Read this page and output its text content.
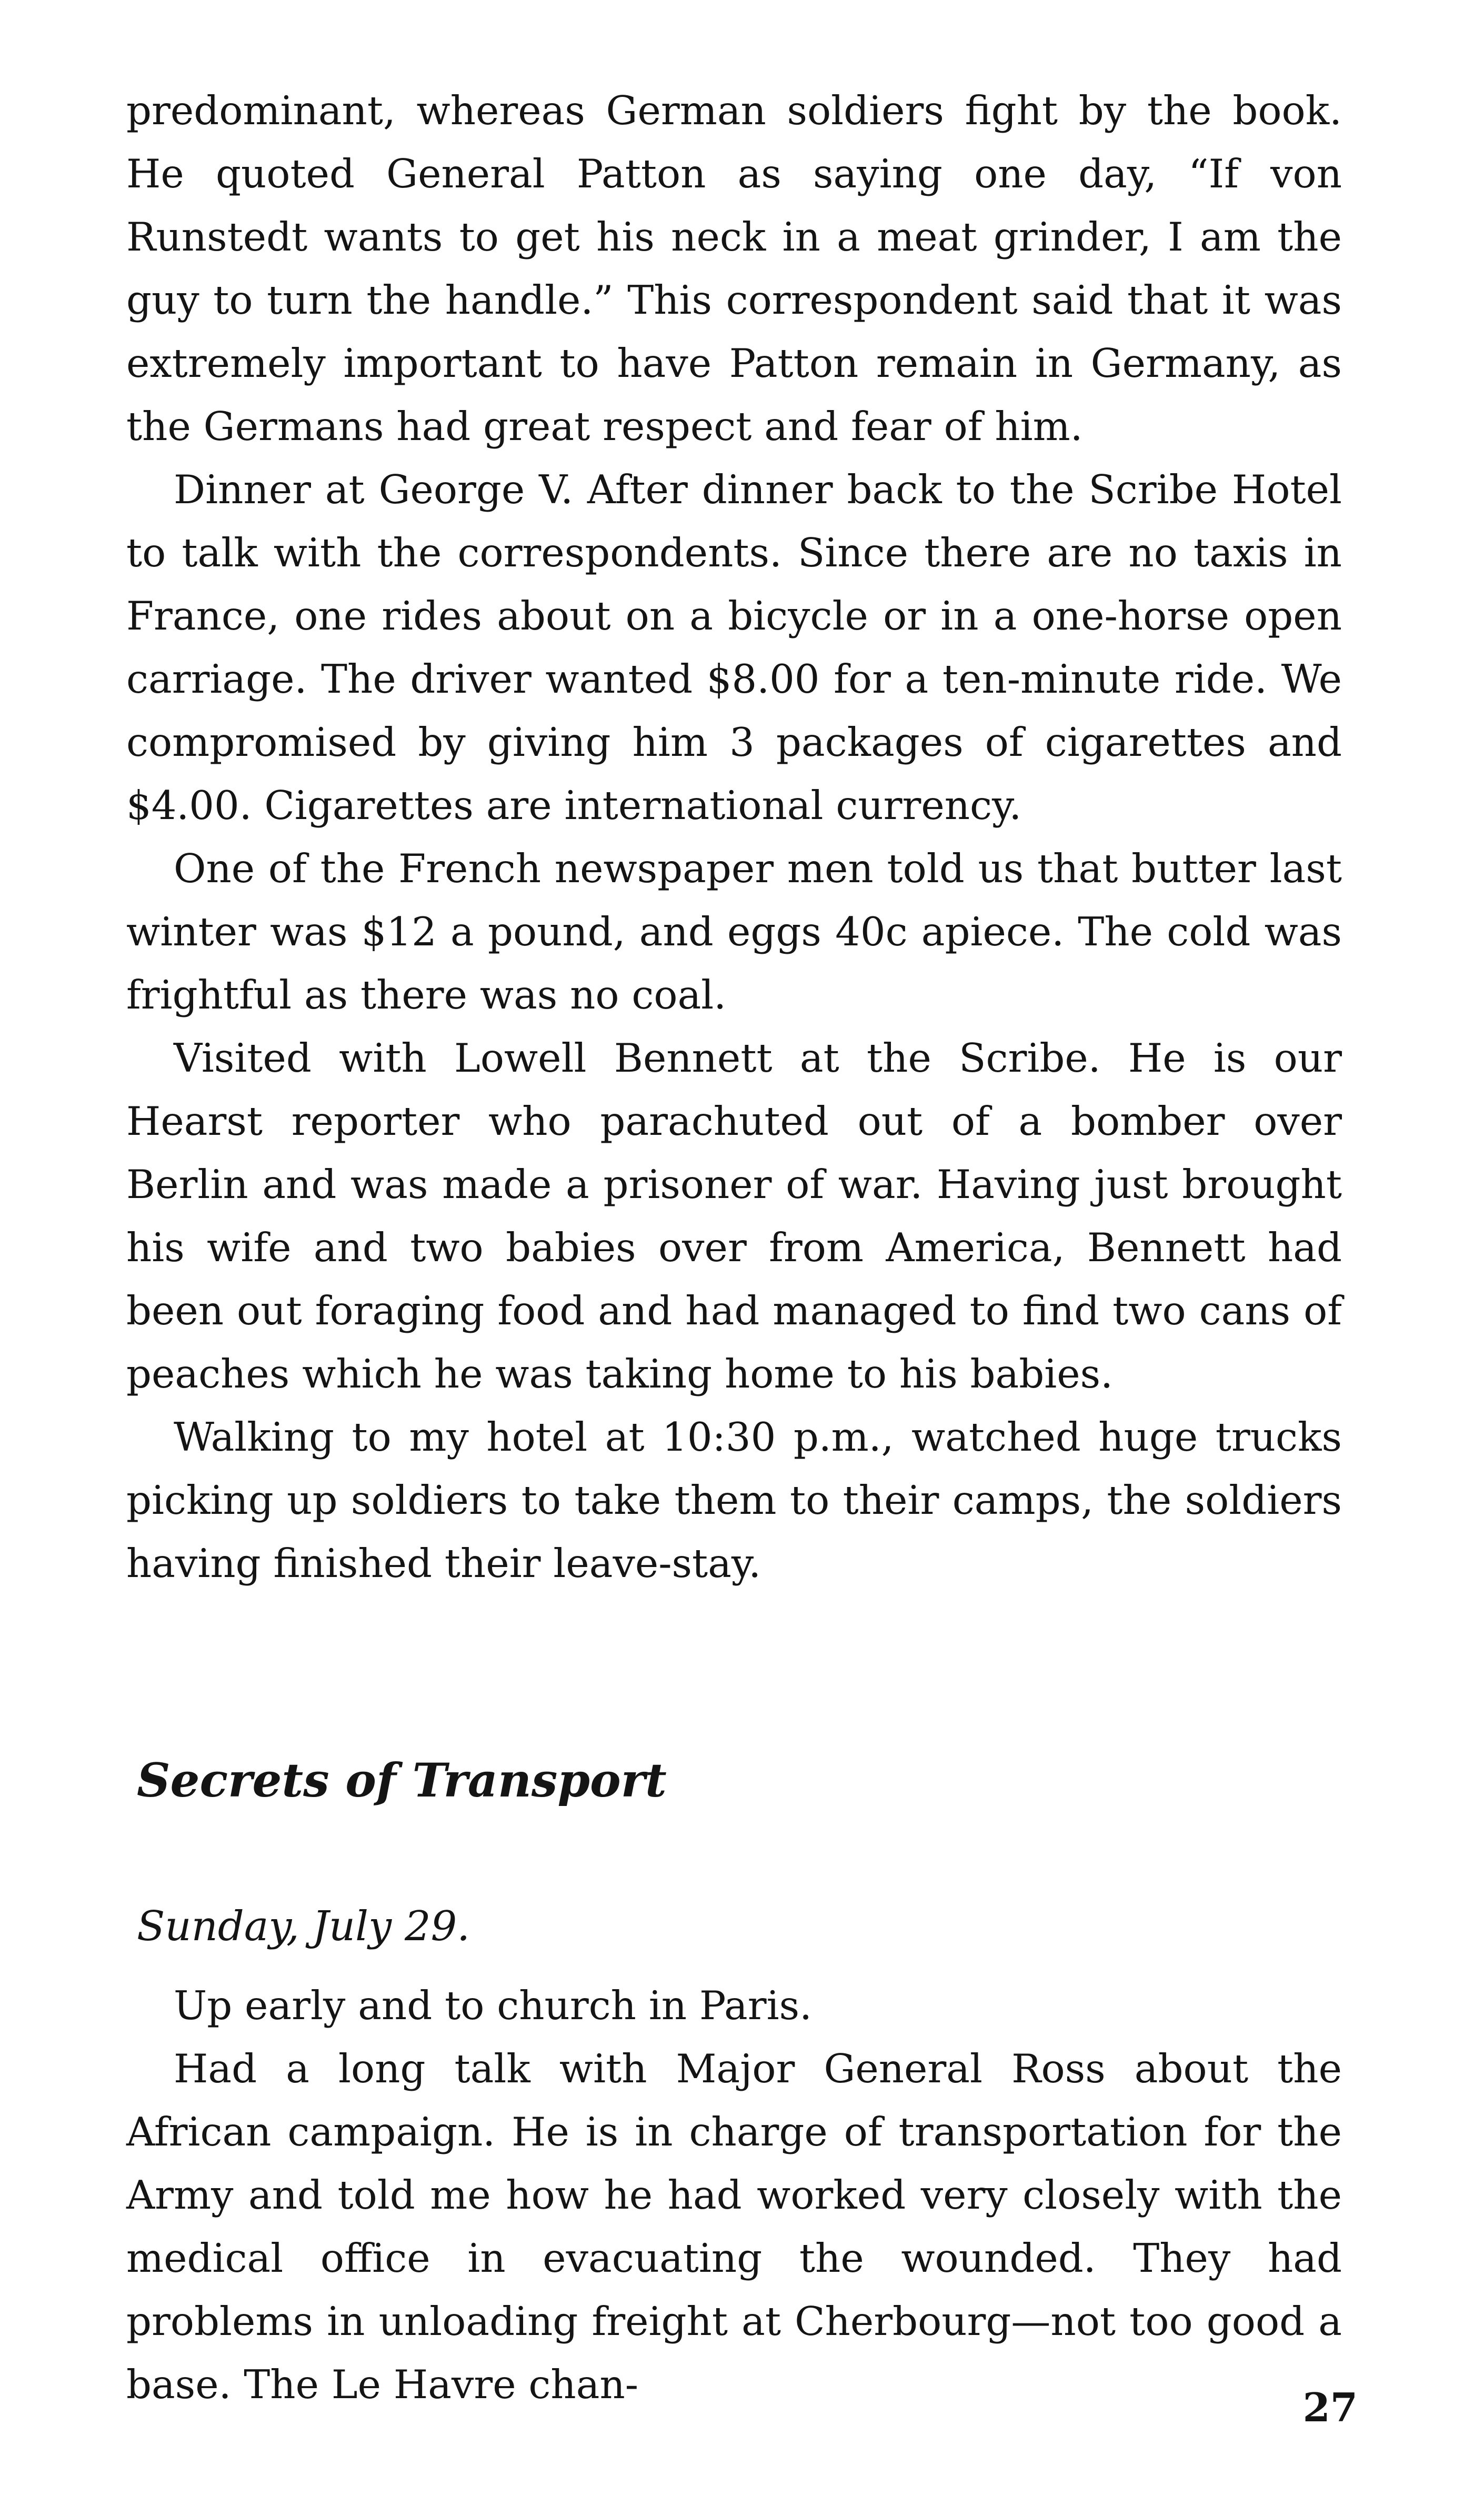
predominant, whereas German soldiers fight by the book. He quoted General Patton as saying one day, “If von Runstedt wants to get his neck in a meat grinder, I am the guy to turn the handle.” This correspondent said that it was extremely important to have Patton remain in Germany, as the Germans had great respect and fear of him.

Dinner at George V. After dinner back to the Scribe Hotel to talk with the correspondents. Since there are no taxis in France, one rides about on a bicycle or in a one-horse open carriage. The driver wanted $8.00 for a ten-minute ride. We compromised by giving him 3 packages of cigarettes and $4.00. Cigarettes are international currency.

One of the French newspaper men told us that butter last winter was $12 a pound, and eggs 40c apiece. The cold was frightful as there was no coal.

Visited with Lowell Bennett at the Scribe. He is our Hearst reporter who parachuted out of a bomber over Berlin and was made a prisoner of war. Having just brought his wife and two babies over from America, Bennett had been out foraging food and had managed to find two cans of peaches which he was taking home to his babies.

Walking to my hotel at 10:30 p.m., watched huge trucks picking up soldiers to take them to their camps, the soldiers having finished their leave-stay.

Secrets of Transport

Sunday, July 29.

Up early and to church in Paris.

Had a long talk with Major General Ross about the African campaign. He is in charge of transportation for the Army and told me how he had worked very closely with the medical office in evacuating the wounded. They had problems in unloading freight at Cherbourg—not too good a base. The Le Havre chan-	27
